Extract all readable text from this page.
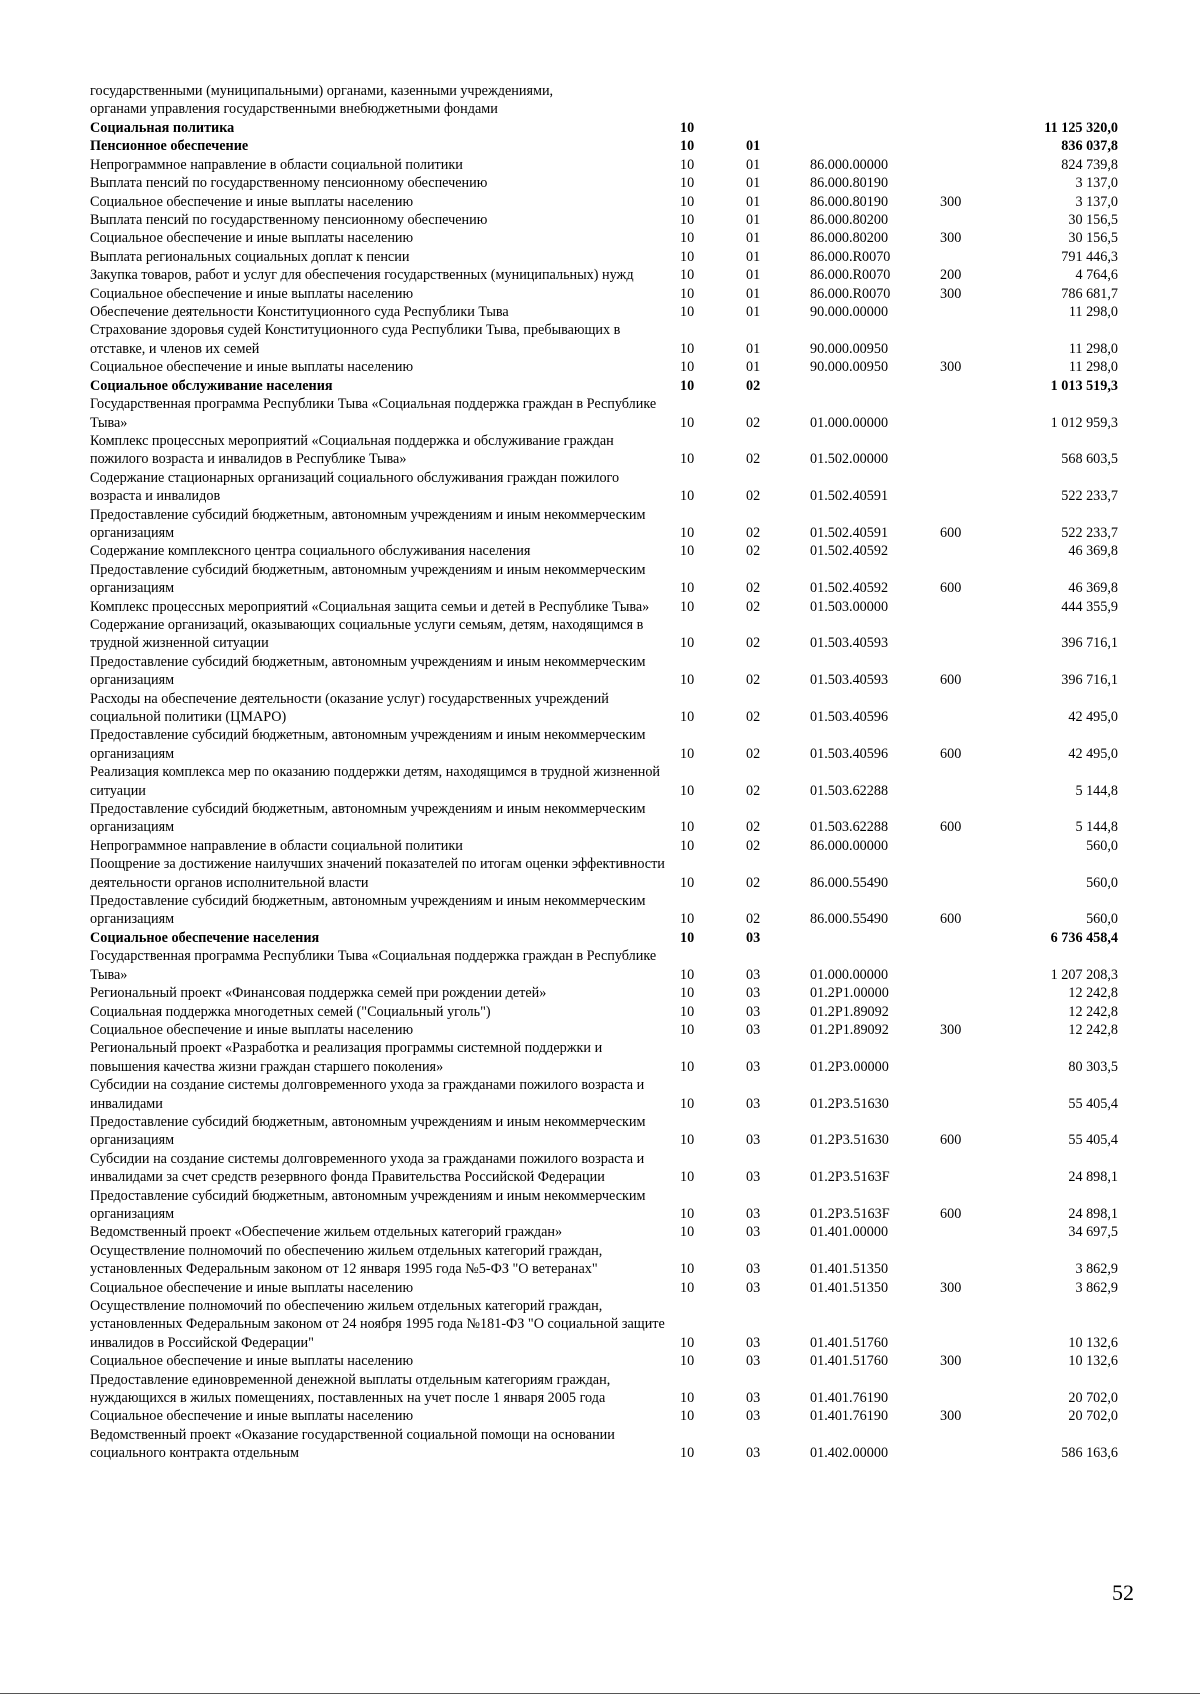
государственными (муниципальными) органами, казенными учреждениями,
органами управления государственными внебюджетными фондами
Социальная политика	10				11 125 320,0
Пенсионное обеспечение	10	01			836 037,8
Непрограммное направление в области социальной политики	10	01	86.000.00000		824 739,8
Выплата пенсий по государственному пенсионному обеспечению	10	01	86.000.80190		3 137,0
Социальное обеспечение и иные выплаты населению	10	01	86.000.80190	300	3 137,0
Выплата пенсий по государственному пенсионному обеспечению	10	01	86.000.80200		30 156,5
Социальное обеспечение и иные выплаты населению	10	01	86.000.80200	300	30 156,5
Выплата региональных социальных доплат к пенсии	10	01	86.000.R0070		791 446,3
Закупка товаров, работ и услуг для обеспечения государственных (муниципальных) нужд	10	01	86.000.R0070	200	4 764,6
Социальное обеспечение и иные выплаты населению	10	01	86.000.R0070	300	786 681,7
Обеспечение деятельности Конституционного суда Республики Тыва	10	01	90.000.00000		11 298,0
Страхование здоровья судей Конституционного суда Республики Тыва, пребывающих в отставке, и членов их семей	10	01	90.000.00950		11 298,0
Социальное обеспечение и иные выплаты населению	10	01	90.000.00950	300	11 298,0
Социальное обслуживание населения	10	02			1 013 519,3
Государственная программа Республики Тыва «Социальная поддержка граждан в Республике Тыва»	10	02	01.000.00000		1 012 959,3
Комплекс процессных мероприятий «Социальная поддержка и обслуживание граждан пожилого возраста и инвалидов в Республике Тыва»	10	02	01.502.00000		568 603,5
Содержание стационарных организаций социального обслуживания граждан пожилого возраста и инвалидов	10	02	01.502.40591		522 233,7
Предоставление субсидий бюджетным, автономным учреждениям и иным некоммерческим организациям	10	02	01.502.40591	600	522 233,7
Содержание комплексного центра социального обслуживания населения	10	02	01.502.40592		46 369,8
Предоставление субсидий бюджетным, автономным учреждениям и иным некоммерческим организациям	10	02	01.502.40592	600	46 369,8
Комплекс процессных мероприятий «Социальная защита семьи и детей в Республике Тыва»	10	02	01.503.00000		444 355,9
Содержание организаций, оказывающих социальные услуги семьям, детям, находящимся в трудной жизненной ситуации	10	02	01.503.40593		396 716,1
Предоставление субсидий бюджетным, автономным учреждениям и иным некоммерческим организациям	10	02	01.503.40593	600	396 716,1
Расходы на обеспечение деятельности (оказание услуг) государственных учреждений социальной политики (ЦМАРО)	10	02	01.503.40596		42 495,0
Предоставление субсидий бюджетным, автономным учреждениям и иным некоммерческим организациям	10	02	01.503.40596	600	42 495,0
Реализация комплекса мер по оказанию поддержки детям, находящимся в трудной жизненной ситуации	10	02	01.503.62288		5 144,8
Предоставление субсидий бюджетным, автономным учреждениям и иным некоммерческим организациям	10	02	01.503.62288	600	5 144,8
Непрограммное направление в области социальной политики	10	02	86.000.00000		560,0
Поощрение за достижение наилучших значений показателей по итогам оценки эффективности деятельности органов исполнительной власти	10	02	86.000.55490		560,0
Предоставление субсидий бюджетным, автономным учреждениям и иным некоммерческим организациям	10	02	86.000.55490	600	560,0
Социальное обеспечение населения	10	03			6 736 458,4
Государственная программа Республики Тыва «Социальная поддержка граждан в Республике Тыва»	10	03	01.000.00000		1 207 208,3
Региональный проект «Финансовая поддержка семей при рождении детей»	10	03	01.2P1.00000		12 242,8
Социальная поддержка многодетных семей ("Социальный уголь")	10	03	01.2P1.89092		12 242,8
Социальное обеспечение и иные выплаты населению	10	03	01.2P1.89092	300	12 242,8
Региональный проект «Разработка и реализация программы системной поддержки и повышения качества жизни граждан старшего поколения»	10	03	01.2P3.00000		80 303,5
Субсидии на создание системы долговременного ухода за гражданами пожилого возраста и инвалидами	10	03	01.2P3.51630		55 405,4
Предоставление субсидий бюджетным, автономным учреждениям и иным некоммерческим организациям	10	03	01.2P3.51630	600	55 405,4
Субсидии на создание системы долговременного ухода за гражданами пожилого возраста и инвалидами за счет средств резервного фонда Правительства Российской Федерации	10	03	01.2P3.5163F		24 898,1
Предоставление субсидий бюджетным, автономным учреждениям и иным некоммерческим организациям	10	03	01.2P3.5163F	600	24 898,1
Ведомственный проект «Обеспечение жильем отдельных категорий граждан»	10	03	01.401.00000		34 697,5
Осуществление полномочий по обеспечению жильем отдельных категорий граждан, установленных Федеральным законом от 12 января 1995 года №5-ФЗ "О ветеранах"	10	03	01.401.51350		3 862,9
Социальное обеспечение и иные выплаты населению	10	03	01.401.51350	300	3 862,9
Осуществление полномочий по обеспечению жильем отдельных категорий граждан, установленных Федеральным законом от 24 ноября 1995 года №181-ФЗ "О социальной защите инвалидов в Российской Федерации"	10	03	01.401.51760		10 132,6
Социальное обеспечение и иные выплаты населению	10	03	01.401.51760	300	10 132,6
Предоставление единовременной денежной выплаты отдельным категориям граждан, нуждающихся в жилых помещениях, поставленных на учет после 1 января 2005 года	10	03	01.401.76190		20 702,0
Социальное обеспечение и иные выплаты населению	10	03	01.401.76190	300	20 702,0
Ведомственный проект «Оказание государственной социальной помощи на основании социального контракта отдельным	10	03	01.402.00000		586 163,6
52
